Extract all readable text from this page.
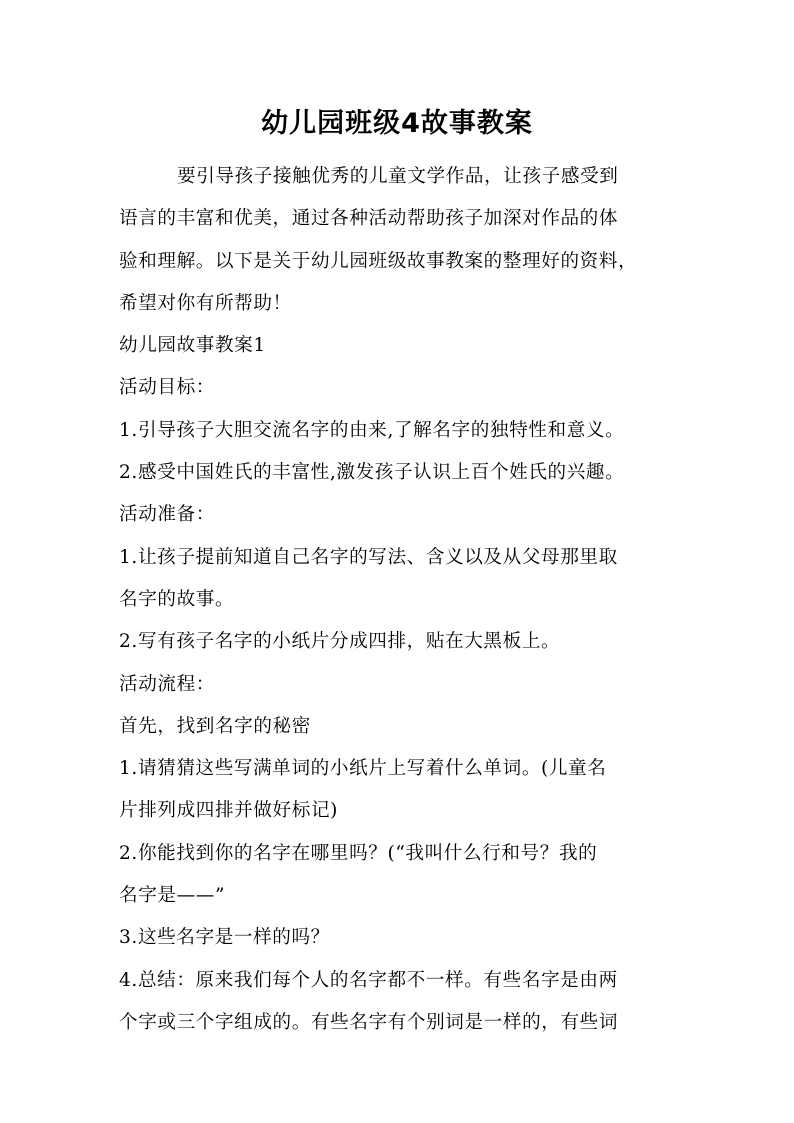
幼儿园班级4故事教案
要引导孩子接触优秀的儿童文学作品，让孩子感受到
语言的丰富和优美，通过各种活动帮助孩子加深对作品的体
验和理解。以下是关于幼儿园班级故事教案的整理好的资料，
希望对你有所帮助！
幼儿园故事教案1
活动目标：
1.引导孩子大胆交流名字的由来,了解名字的独特性和意义。
2.感受中国姓氏的丰富性,激发孩子认识上百个姓氏的兴趣。
活动准备：
1.让孩子提前知道自己名字的写法、含义以及从父母那里取
名字的故事。
2.写有孩子名字的小纸片分成四排，贴在大黑板上。
活动流程：
首先，找到名字的秘密
1.请猜猜这些写满单词的小纸片上写着什么单词。(儿童名
片排列成四排并做好标记)
2.你能找到你的名字在哪里吗？(“我叫什么行和号？我的
名字是——”
3.这些名字是一样的吗？
4.总结：原来我们每个人的名字都不一样。有些名字是由两
个字或三个字组成的。有些名字有个别词是一样的，有些词
